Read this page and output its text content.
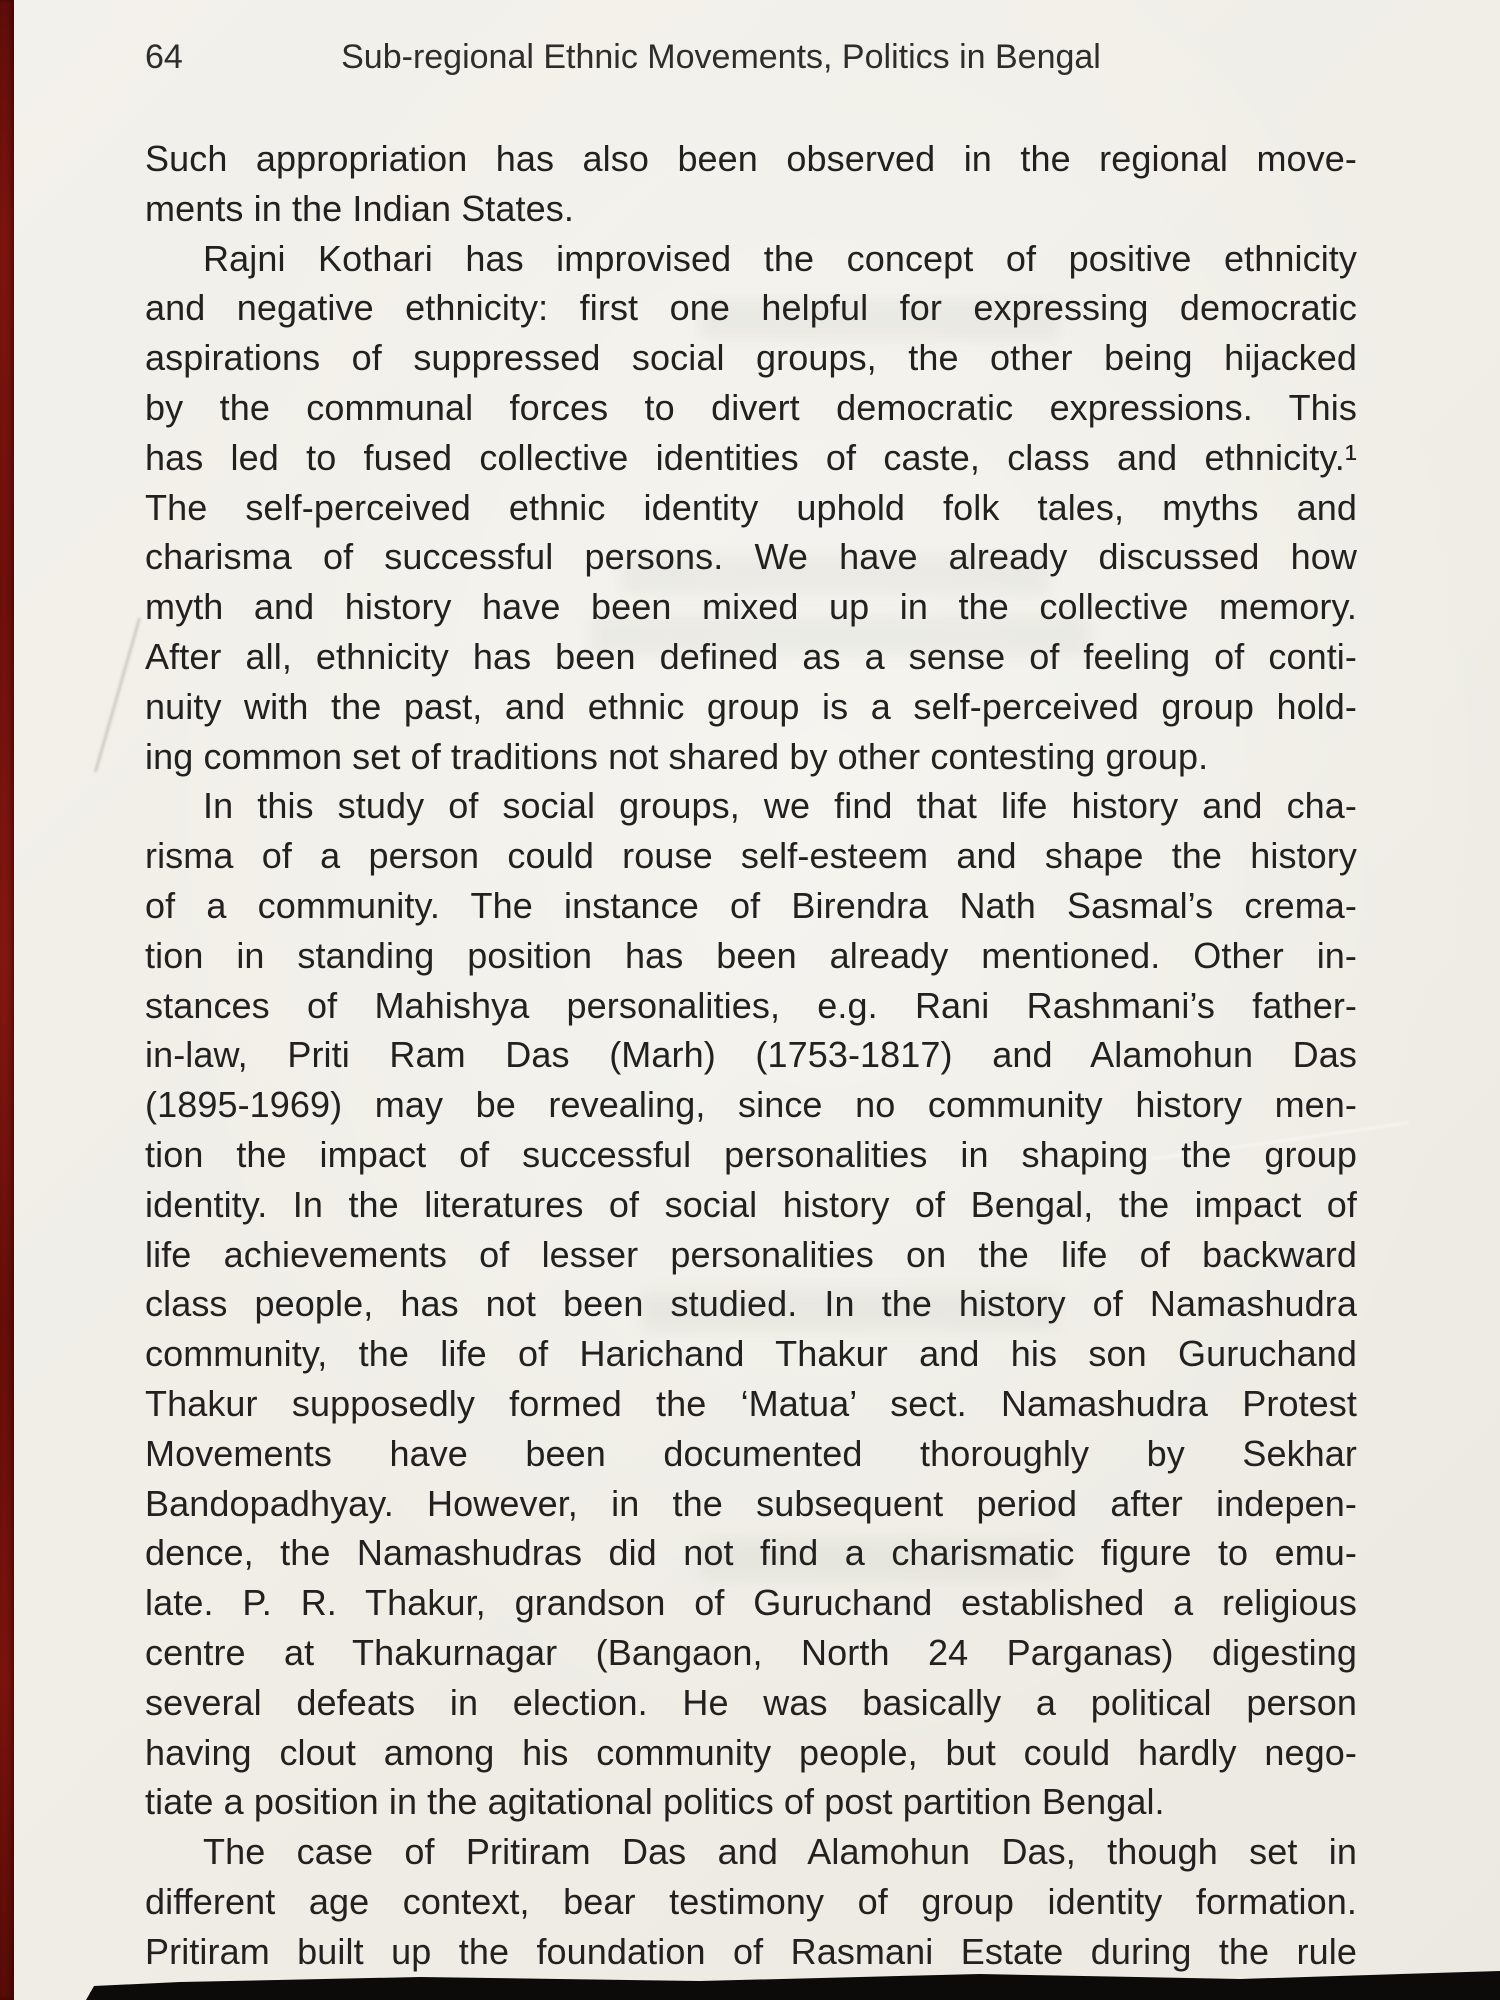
64	Sub-regional Ethnic Movements, Politics in Bengal
Such appropriation has also been observed in the regional move-
ments in the Indian States.
Rajni Kothari has improvised the concept of positive ethnicity
and negative ethnicity: first one helpful for expressing democratic
aspirations of suppressed social groups, the other being hijacked
by the communal forces to divert democratic expressions. This
has led to fused collective identities of caste, class and ethnicity.¹
The self-perceived ethnic identity uphold folk tales, myths and
charisma of successful persons. We have already discussed how
myth and history have been mixed up in the collective memory.
After all, ethnicity has been defined as a sense of feeling of conti-
nuity with the past, and ethnic group is a self-perceived group hold-
ing common set of traditions not shared by other contesting group.
In this study of social groups, we find that life history and cha-
risma of a person could rouse self-esteem and shape the history
of a community. The instance of Birendra Nath Sasmal’s crema-
tion in standing position has been already mentioned. Other in-
stances of Mahishya personalities, e.g. Rani Rashmani’s father-
in-law, Priti Ram Das (Marh) (1753-1817) and Alamohun Das
(1895-1969) may be revealing, since no community history men-
tion the impact of successful personalities in shaping the group
identity. In the literatures of social history of Bengal, the impact of
life achievements of lesser personalities on the life of backward
class people, has not been studied. In the history of Namashudra
community, the life of Harichand Thakur and his son Guruchand
Thakur supposedly formed the ‘Matua’ sect. Namashudra Protest
Movements have been documented thoroughly by Sekhar
Bandopadhyay. However, in the subsequent period after indepen-
dence, the Namashudras did not find a charismatic figure to emu-
late. P. R. Thakur, grandson of Guruchand established a religious
centre at Thakurnagar (Bangaon, North 24 Parganas) digesting
several defeats in election. He was basically a political person
having clout among his community people, but could hardly nego-
tiate a position in the agitational politics of post partition Bengal.
The case of Pritiram Das and Alamohun Das, though set in
different age context, bear testimony of group identity formation.
Pritiram built up the foundation of Rasmani Estate during the rule
